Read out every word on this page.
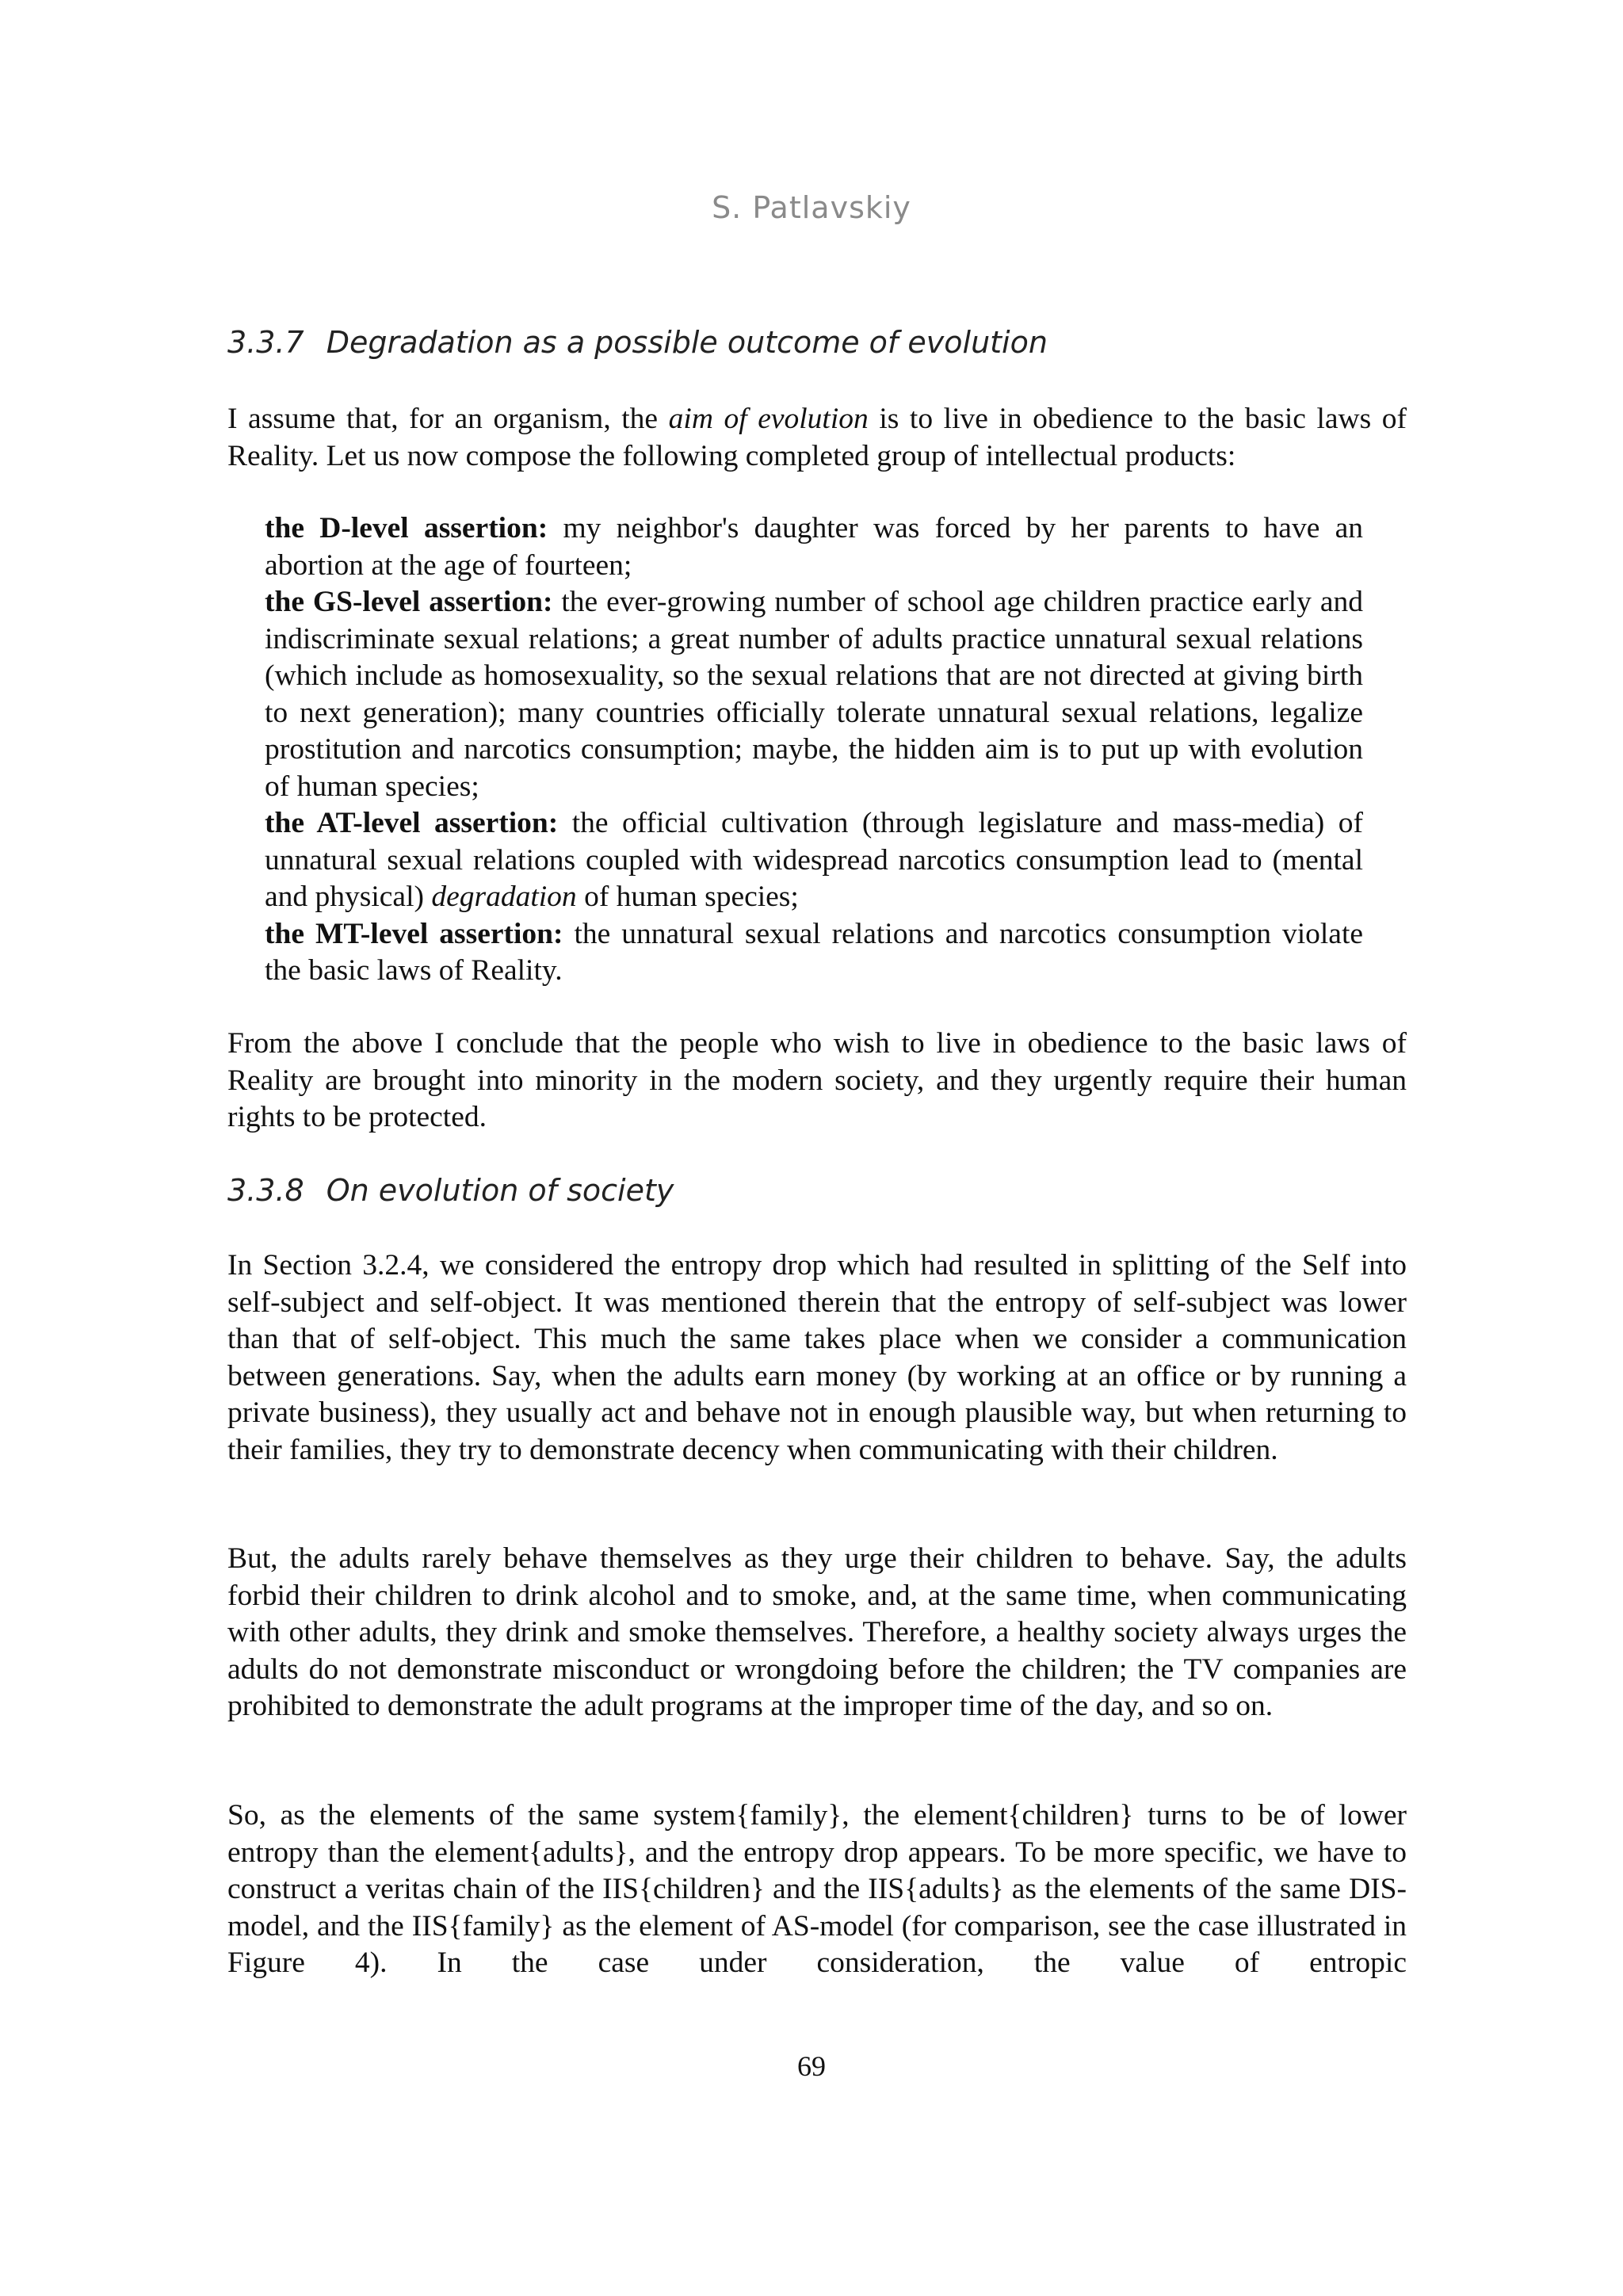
S. Patlavskiy
3.3.7 Degradation as a possible outcome of evolution

I assume that, for an organism, the aim of evolution is to live in obedience to the basic laws of Reality. Let us now compose the following completed group of intellectual products:

the D-level assertion: my neighbor's daughter was forced by her parents to have an abortion at the age of fourteen;

the GS-level assertion: the ever-growing number of school age children practice early and indiscriminate sexual relations; a great number of adults practice unnatural sexual relations (which include as homosexuality, so the sexual relations that are not directed at giving birth to next generation); many countries officially tolerate unnatural sexual relations, legalize prostitution and narcotics consumption; maybe, the hidden aim is to put up with evolution of human species;

the AT-level assertion: the official cultivation (through legislature and mass-media) of unnatural sexual relations coupled with widespread narcotics consumption lead to (mental and physical) degradation of human species;

the MT-level assertion: the unnatural sexual relations and narcotics consumption violate the basic laws of Reality.

From the above I conclude that the people who wish to live in obedience to the basic laws of Reality are brought into minority in the modern society, and they urgently require their human rights to be protected.

3.3.8 On evolution of society

In Section 3.2.4, we considered the entropy drop which had resulted in splitting of the Self into self-subject and self-object. It was mentioned therein that the entropy of self-subject was lower than that of self-object. This much the same takes place when we consider a communication between generations. Say, when the adults earn money (by working at an office or by running a private business), they usually act and behave not in enough plausible way, but when returning to their families, they try to demonstrate decency when communicating with their children.

But, the adults rarely behave themselves as they urge their children to behave. Say, the adults forbid their children to drink alcohol and to smoke, and, at the same time, when communicating with other adults, they drink and smoke themselves. Therefore, a healthy society always urges the adults do not demonstrate misconduct or wrongdoing before the children; the TV companies are prohibited to demonstrate the adult programs at the improper time of the day, and so on.

So, as the elements of the same system{family}, the element{children} turns to be of lower entropy than the element{adults}, and the entropy drop appears. To be more specific, we have to construct a veritas chain of the IIS{children} and the IIS{adults} as the elements of the same DIS-model, and the IIS{family} as the element of AS-model (for comparison, see the case illustrated in Figure 4). In the case under consideration, the value of entropic

69
